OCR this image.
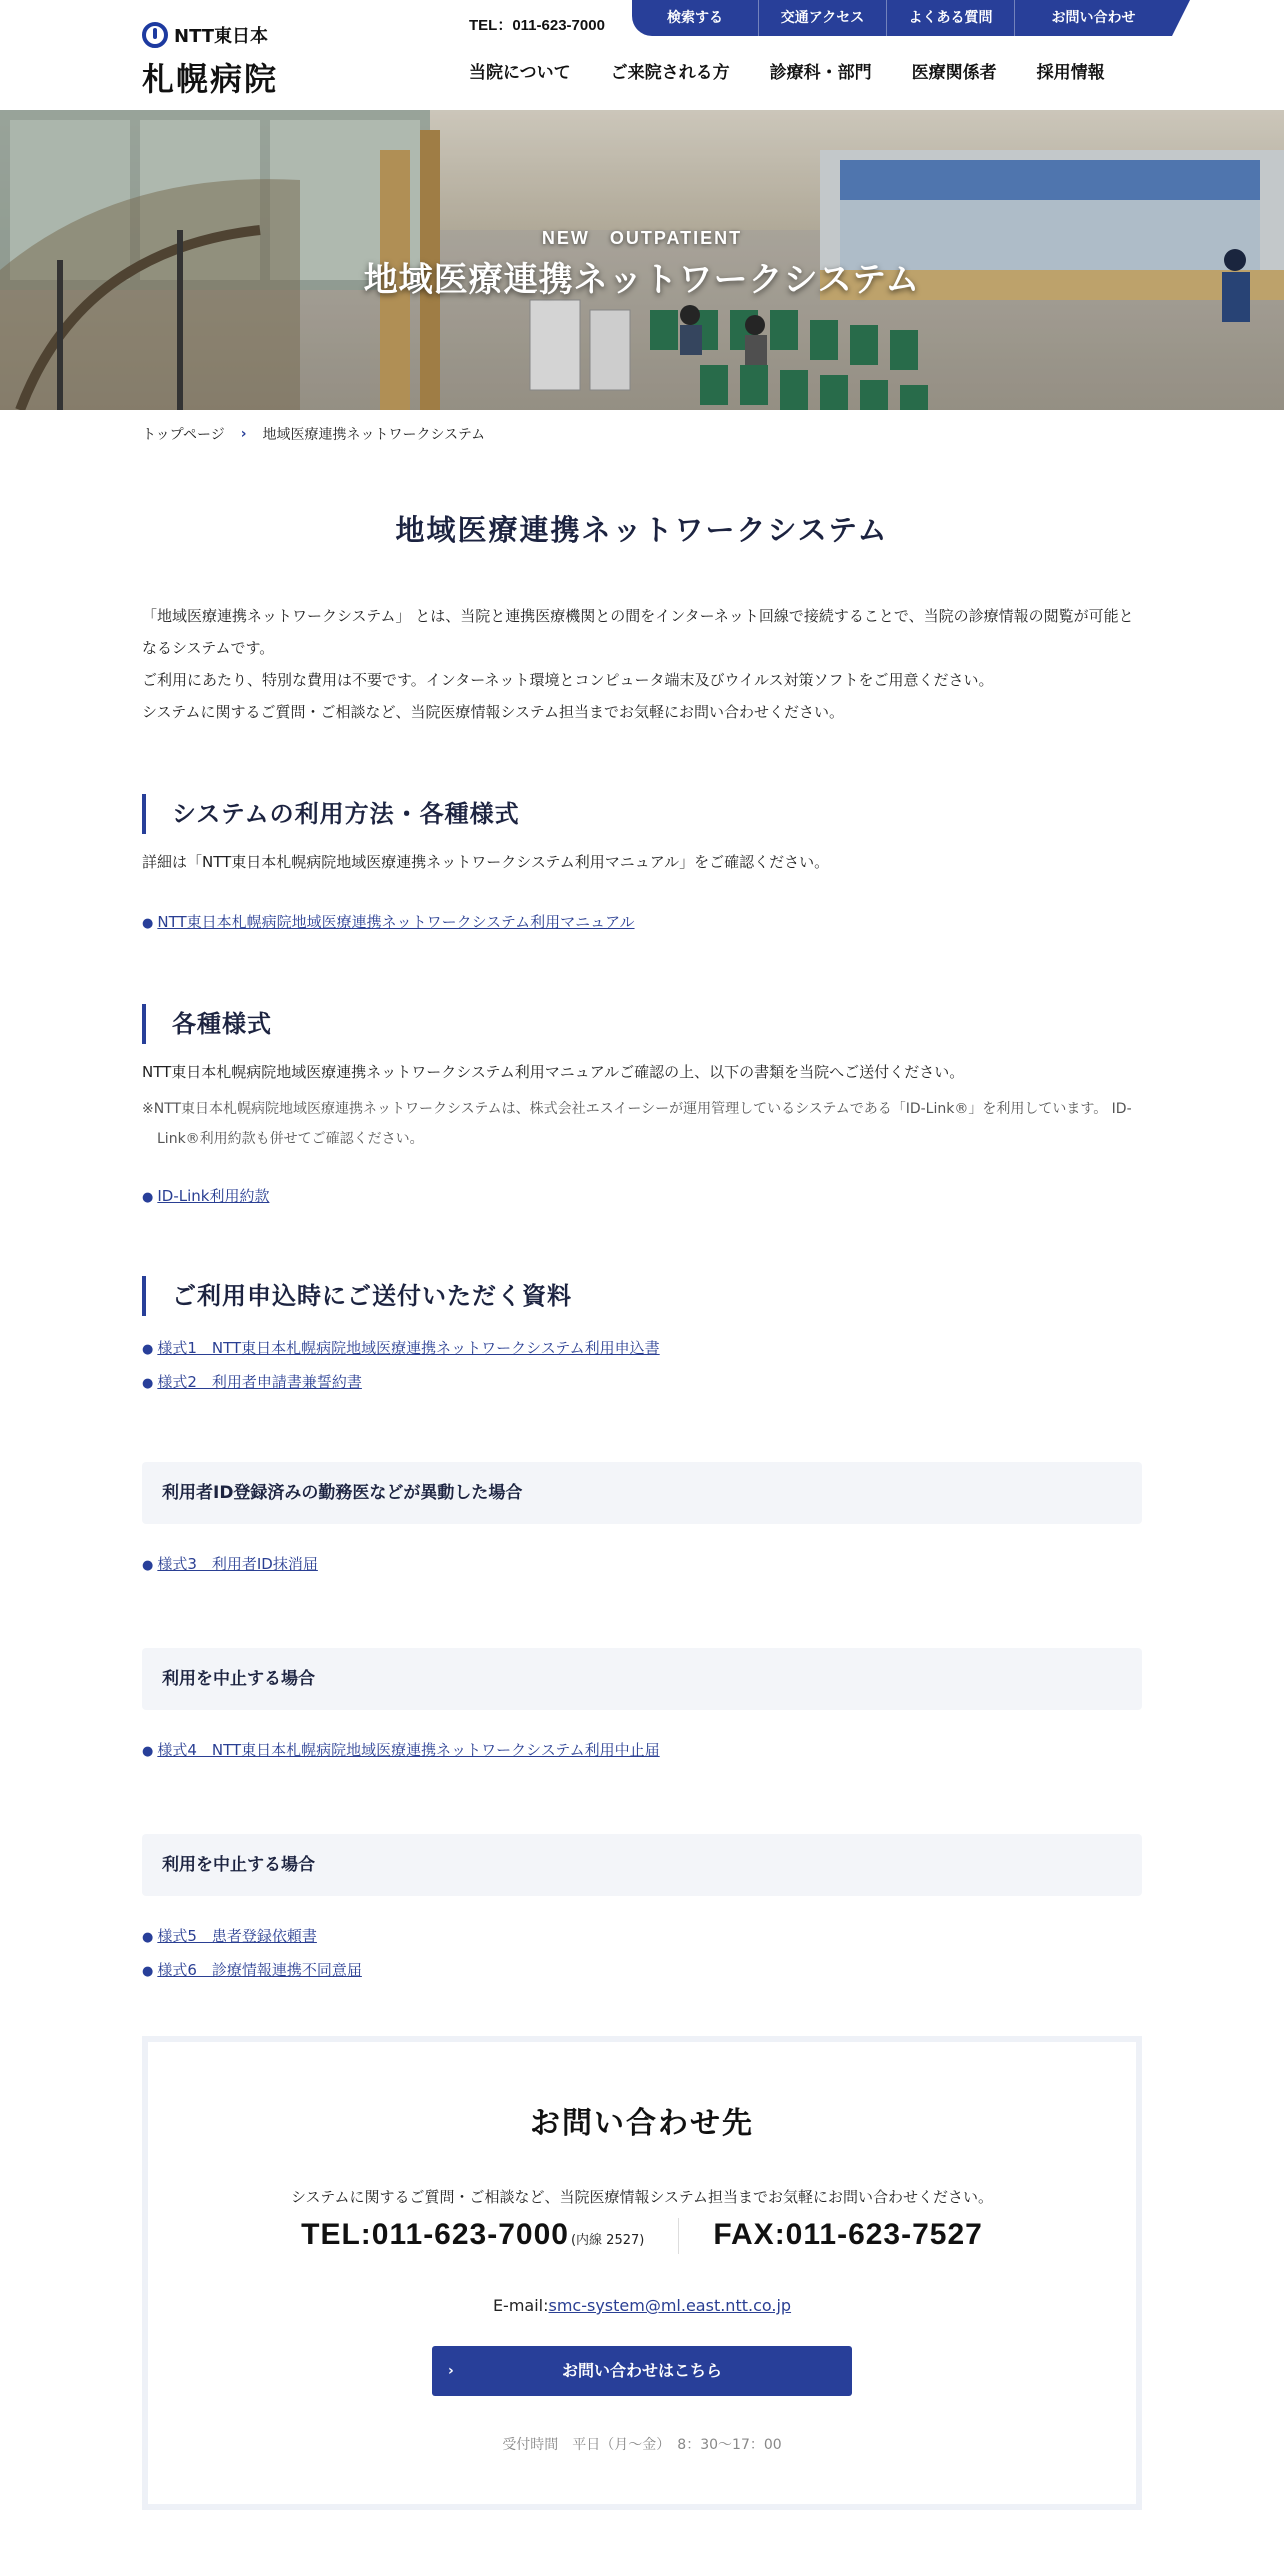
NTT東日本
札幌病院
TEL：011-623-7000	検索する	交通アクセス	よくある質問	お問い合わせ
当院について ご来院される方 診療科・部門 医療関係者 採用情報
NEW　OUTPATIENT
地域医療連携ネットワークシステム
トップページ › 地域医療連携ネットワークシステム
地域医療連携ネットワークシステム

「地域医療連携ネットワークシステム」 とは、当院と連携医療機関との間をインターネット回線で接続することで、当院の診療情報の閲覧が可能となるシステムです。

ご利用にあたり、特別な費用は不要です。インターネット環境とコンピュータ端末及びウイルス対策ソフトをご用意ください。

システムに関するご質問・ご相談など、当院医療情報システム担当までお気軽にお問い合わせください。

システムの利用方法・各種様式

詳細は「NTT東日本札幌病院地域医療連携ネットワークシステム利用マニュアル」をご確認ください。

● NTT東日本札幌病院地域医療連携ネットワークシステム利用マニュアル
各種様式

NTT東日本札幌病院地域医療連携ネットワークシステム利用マニュアルご確認の上、以下の書類を当院へご送付ください。

※NTT東日本札幌病院地域医療連携ネットワークシステムは、株式会社エスイーシーが運用管理しているシステムである「ID-Link®」を利用しています。 ID-Link®利用約款も併せてご確認ください。

● ID-Link利用約款
ご利用申込時にご送付いただく資料
● 様式1　NTT東日本札幌病院地域医療連携ネットワークシステム利用申込書
● 様式2　利用者申請書兼誓約書
利用者ID登録済みの勤務医などが異動した場合
● 様式3　利用者ID抹消届
利用を中止する場合
● 様式4　NTT東日本札幌病院地域医療連携ネットワークシステム利用中止届
利用を中止する場合
● 様式5　患者登録依頼書
● 様式6　診療情報連携不同意届
お問い合わせ先

システムに関するご質問・ご相談など、当院医療情報システム担当までお気軽にお問い合わせください。

TEL:011-623-7000 (内線 2527) FAX:011-623-7527

E-mail:smc-system@ml.east.ntt.co.jp

›	お問い合わせはこちら

受付時間　平日（月～金）　8：30～17：00
